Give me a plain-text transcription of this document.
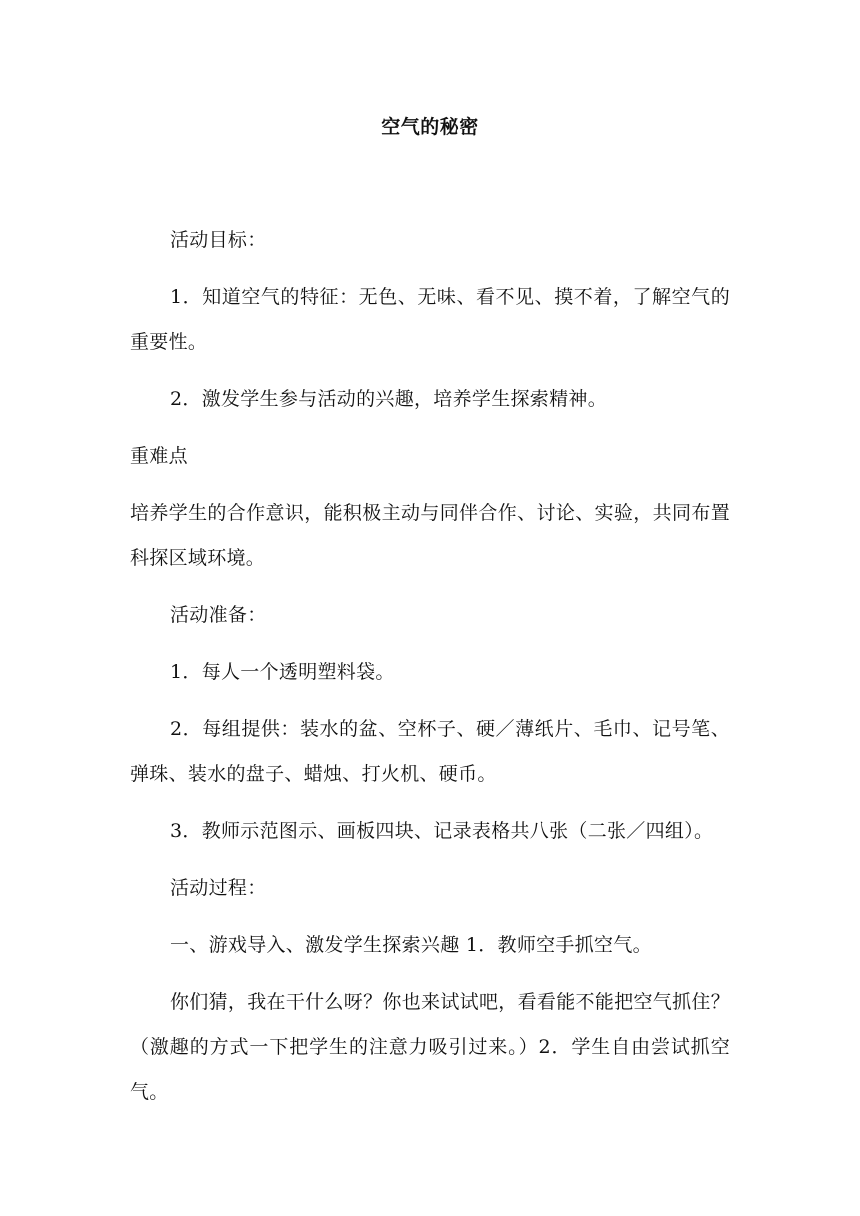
空气的秘密

活动目标：

1．知道空气的特征：无色、无味、看不见、摸不着，了解空气的重要性。

2．激发学生参与活动的兴趣，培养学生探索精神。

重难点

培养学生的合作意识，能积极主动与同伴合作、讨论、实验，共同布置科探区域环境。

活动准备：

1．每人一个透明塑料袋。

2．每组提供：装水的盆、空杯子、硬／薄纸片、毛巾、记号笔、弹珠、装水的盘子、蜡烛、打火机、硬币。

3．教师示范图示、画板四块、记录表格共八张（二张／四组）。

活动过程：

一、游戏导入、激发学生探索兴趣 1．教师空手抓空气。

你们猜，我在干什么呀？你也来试试吧，看看能不能把空气抓住？（激趣的方式一下把学生的注意力吸引过来。）2．学生自由尝试抓空气。
